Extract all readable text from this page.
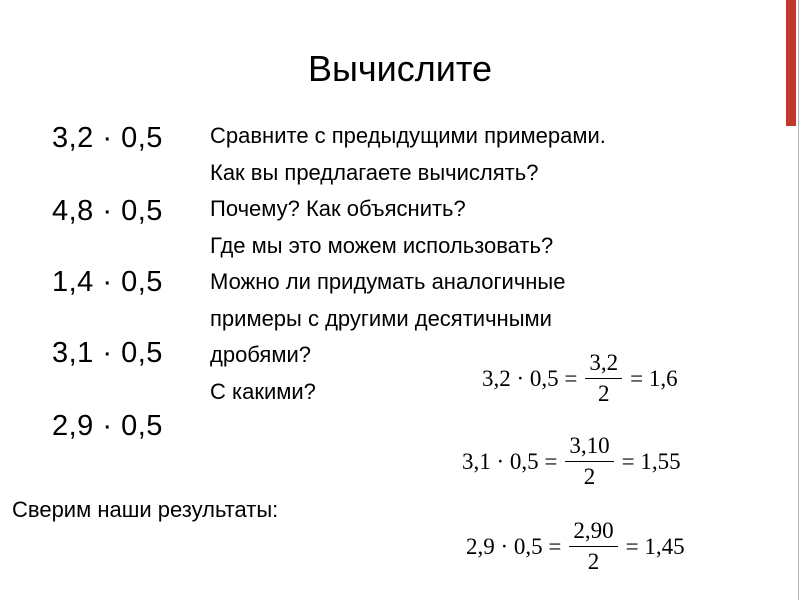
Вычислите
3,2 · 0,5
4,8 · 0,5
1,4 · 0,5
3,1 · 0,5
2,9 · 0,5
Сравните с предыдущими примерами.
Как вы предлагаете вычислять?
Почему? Как объяснить?
Где мы это можем использовать?
Можно ли придумать аналогичные
примеры с другими десятичными
дробями?
С какими?
$3,2 \cdot 0,5 = \frac{3,2}{2} = 1,6$
$3,1 \cdot 0,5 = \frac{3,10}{2} = 1,55$
$2,9 \cdot 0,5 = \frac{2,90}{2} = 1,45$
Сверим наши результаты:
